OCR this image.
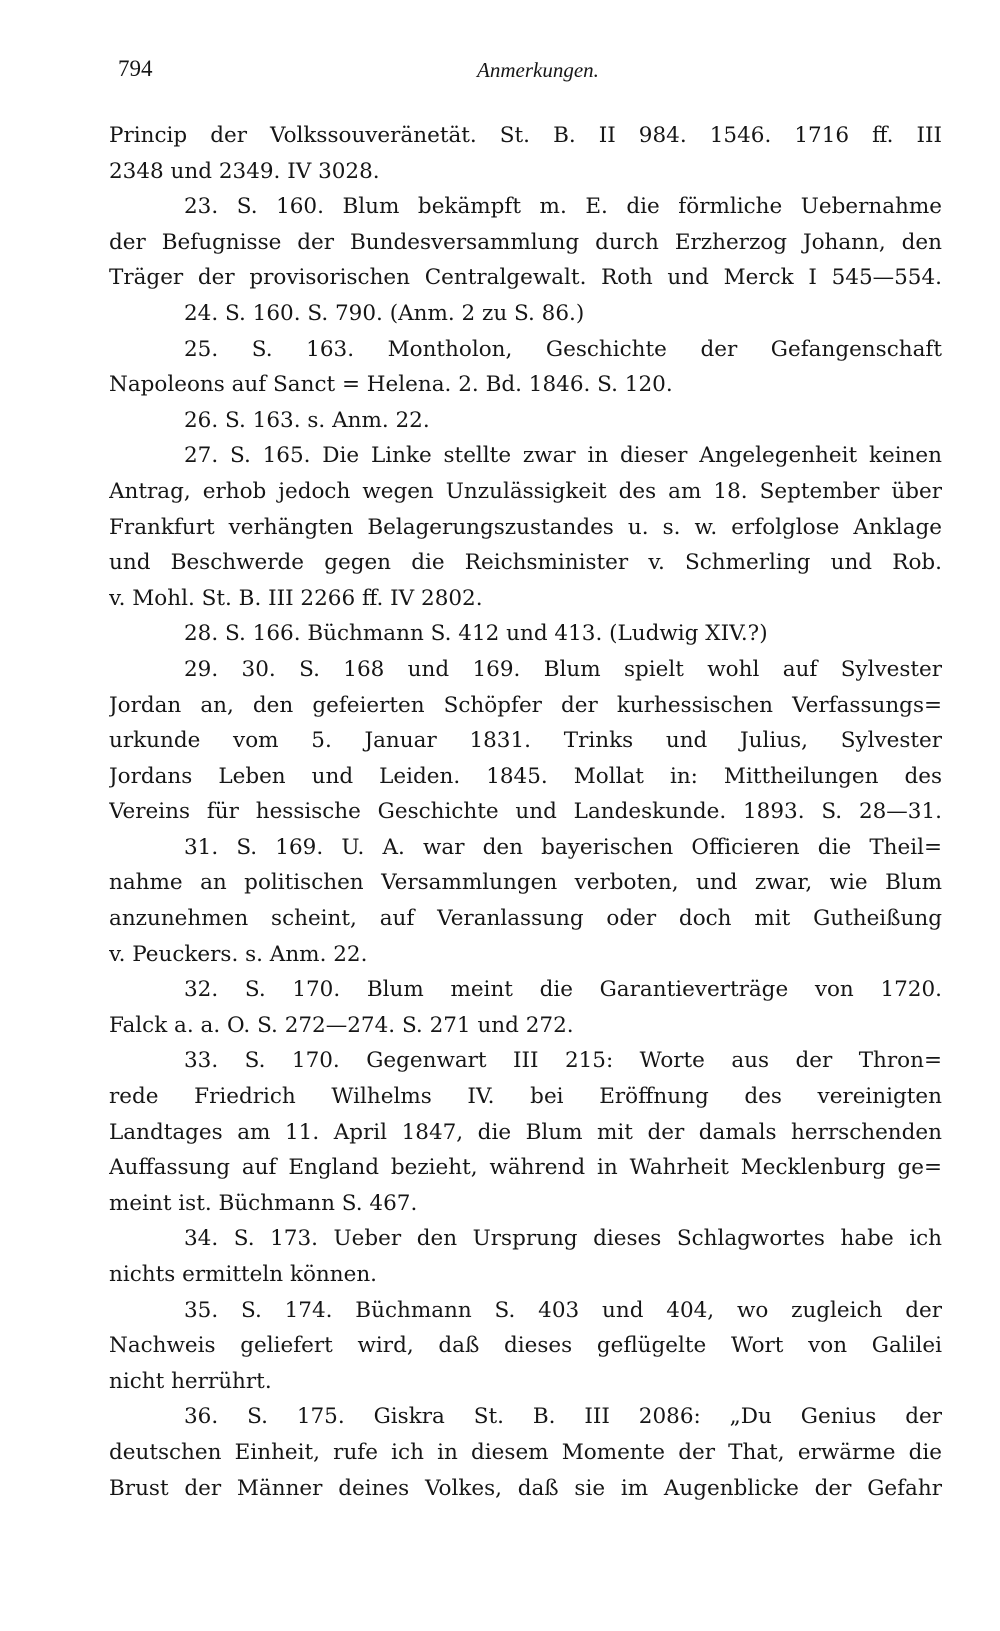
794	Anmerkungen.
Princip der Volkssouveränetät. St. B. II 984. 1546. 1716 ff. III
2348 und 2349. IV 3028.
23. S. 160. Blum bekämpft m. E. die förmliche Uebernahme
der Befugnisse der Bundesversammlung durch Erzherzog Johann, den
Träger der provisorischen Centralgewalt. Roth und Merck I 545—554.
24. S. 160. S. 790. (Anm. 2 zu S. 86.)
25. S. 163. Montholon, Geschichte der Gefangenschaft
Napoleons auf Sanct = Helena. 2. Bd. 1846. S. 120.
26. S. 163. s. Anm. 22.
27. S. 165. Die Linke stellte zwar in dieser Angelegenheit keinen
Antrag, erhob jedoch wegen Unzulässigkeit des am 18. September über
Frankfurt verhängten Belagerungszustandes u. s. w. erfolglose Anklage
und Beschwerde gegen die Reichsminister v. Schmerling und Rob.
v. Mohl. St. B. III 2266 ff. IV 2802.
28. S. 166. Büchmann S. 412 und 413. (Ludwig XIV.?)
29. 30. S. 168 und 169. Blum spielt wohl auf Sylvester
Jordan an, den gefeierten Schöpfer der kurhessischen Verfassungs=
urkunde vom 5. Januar 1831. Trinks und Julius, Sylvester
Jordans Leben und Leiden. 1845. Mollat in: Mittheilungen des
Vereins für hessische Geschichte und Landeskunde. 1893. S. 28—31.
31. S. 169. U. A. war den bayerischen Officieren die Theil=
nahme an politischen Versammlungen verboten, und zwar, wie Blum
anzunehmen scheint, auf Veranlassung oder doch mit Gutheißung
v. Peuckers. s. Anm. 22.
32. S. 170. Blum meint die Garantieverträge von 1720.
Falck a. a. O. S. 272—274. S. 271 und 272.
33. S. 170. Gegenwart III 215: Worte aus der Thron=
rede Friedrich Wilhelms IV. bei Eröffnung des vereinigten
Landtages am 11. April 1847, die Blum mit der damals herrschenden
Auffassung auf England bezieht, während in Wahrheit Mecklenburg ge=
meint ist. Büchmann S. 467.
34. S. 173. Ueber den Ursprung dieses Schlagwortes habe ich
nichts ermitteln können.
35. S. 174. Büchmann S. 403 und 404, wo zugleich der
Nachweis geliefert wird, daß dieses geflügelte Wort von Galilei
nicht herrührt.
36. S. 175. Giskra St. B. III 2086: „Du Genius der
deutschen Einheit, rufe ich in diesem Momente der That, erwärme die
Brust der Männer deines Volkes, daß sie im Augenblicke der Gefahr
